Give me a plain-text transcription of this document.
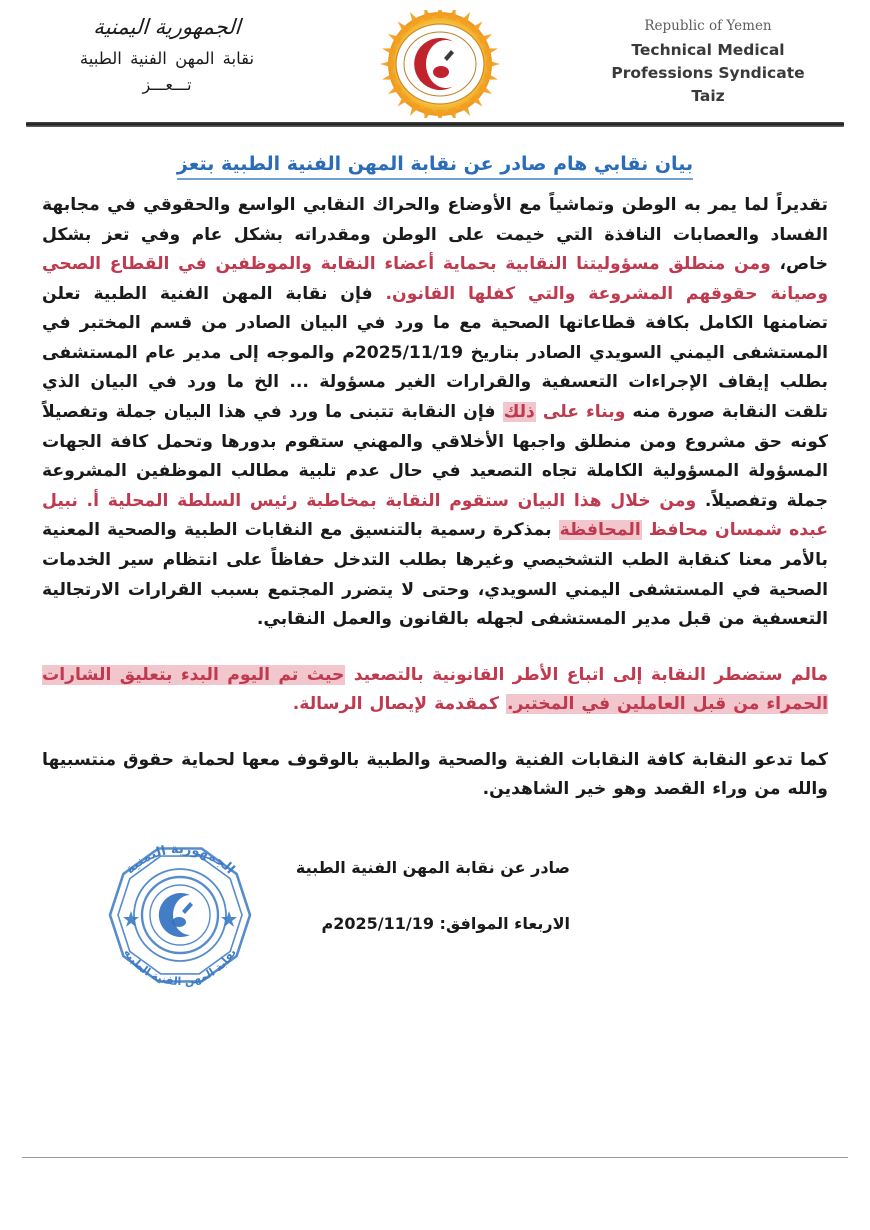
الجمهورية اليمنية
نقابة المهن الفنية الطبية
تـــعـــز
Republic of Yemen
Technical Medical
Professions Syndicate
Taiz
بيان نقابي هام صادر عن نقابة المهن الفنية الطبية بتعز

تقديراً لما يمر به الوطن وتماشياً مع الأوضاع والحراك النقابي الواسع والحقوقي في مجابهة الفساد والعصابات النافذة التي خيمت على الوطن ومقدراته بشكل عام وفي تعز بشكل خاص، ومن منطلق مسؤوليتنا النقابية بحماية أعضاء النقابة والموظفين في القطاع الصحي وصيانة حقوقهم المشروعة والتي كفلها القانون. فإن نقابة المهن الفنية الطبية تعلن تضامنها الكامل بكافة قطاعاتها الصحية مع ما ورد في البيان الصادر من قسم المختبر في المستشفى اليمني السويدي الصادر بتاريخ 2025/11/19م والموجه إلى مدير عام المستشفى بطلب إيقاف الإجراءات التعسفية والقرارات الغير مسؤولة ... الخ ما ورد في البيان الذي تلقت النقابة صورة منه وبناء على ذلك فإن النقابة تتبنى ما ورد في هذا البيان جملة وتفصيلاً كونه حق مشروع ومن منطلق واجبها الأخلاقي والمهني ستقوم بدورها وتحمل كافة الجهات المسؤولة المسؤولية الكاملة تجاه التصعيد في حال عدم تلبية مطالب الموظفين المشروعة جملة وتفصيلاً. ومن خلال هذا البيان ستقوم النقابة بمخاطبة رئيس السلطة المحلية أ. نبيل عبده شمسان محافظ المحافظة بمذكرة رسمية بالتنسيق مع النقابات الطبية والصحية المعنية بالأمر معنا كنقابة الطب التشخيصي وغيرها بطلب التدخل حفاظاً على انتظام سير الخدمات الصحية في المستشفى اليمني السويدي، وحتى لا يتضرر المجتمع بسبب القرارات الارتجالية التعسفية من قبل مدير المستشفى لجهله بالقانون والعمل النقابي.

مالم ستضطر النقابة إلى اتباع الأطر القانونية بالتصعيد حيث تم اليوم البدء بتعليق الشارات الحمراء من قبل العاملين في المختبر. كمقدمة لإيصال الرسالة.

كما تدعو النقابة كافة النقابات الفنية والصحية والطبية بالوقوف معها لحماية حقوق منتسبيها والله من وراء القصد وهو خير الشاهدين.

الجمهورية اليمنية
نقابة المهن الفنية الطبية
صادر عن نقابة المهن الفنية الطبية
الاربعاء الموافق: 2025/11/19م
